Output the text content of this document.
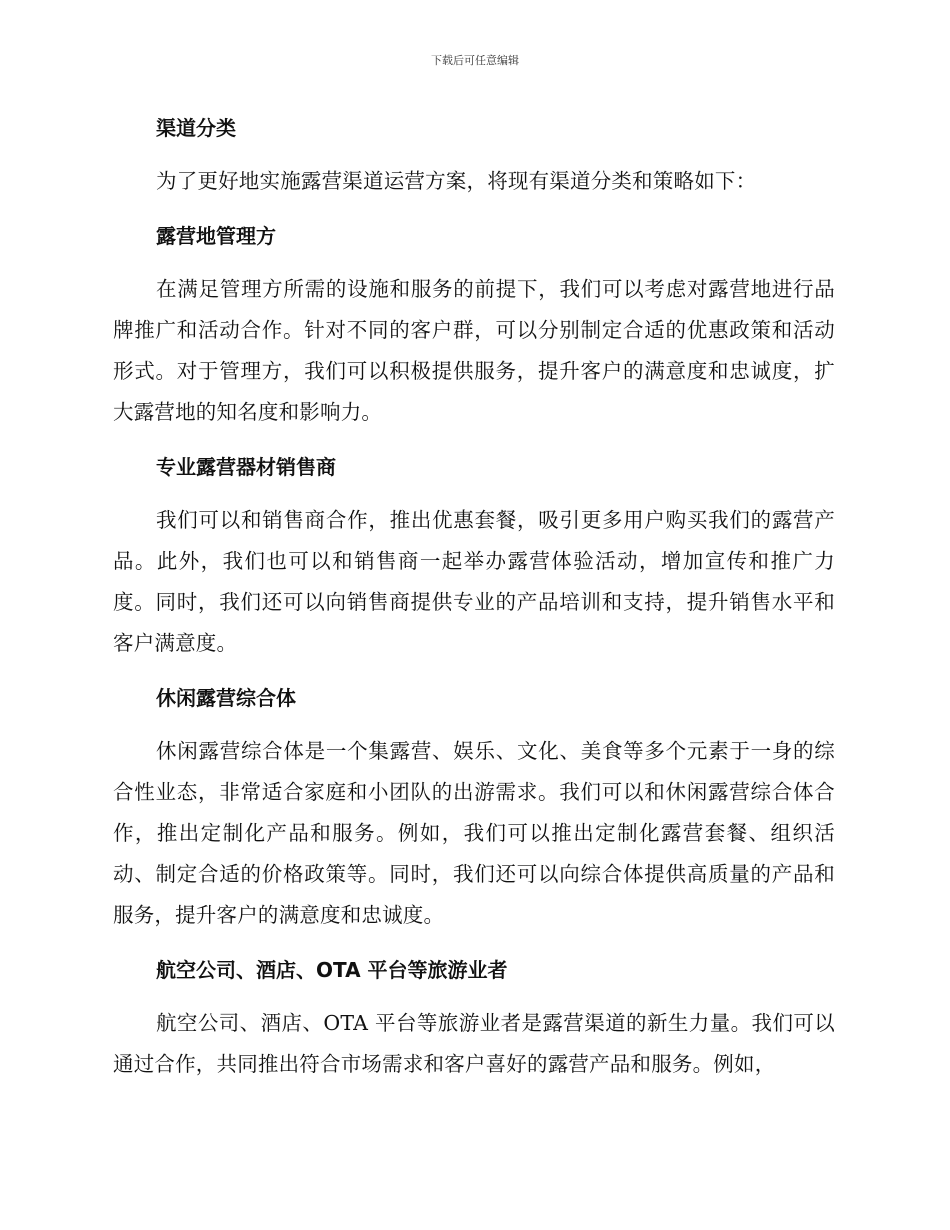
下载后可任意编辑
渠道分类

为了更好地实施露营渠道运营方案，将现有渠道分类和策略如下：

露营地管理方

在满足管理方所需的设施和服务的前提下，我们可以考虑对露营地进行品牌推广和活动合作。针对不同的客户群，可以分别制定合适的优惠政策和活动形式。对于管理方，我们可以积极提供服务，提升客户的满意度和忠诚度，扩大露营地的知名度和影响力。

专业露营器材销售商

我们可以和销售商合作，推出优惠套餐，吸引更多用户购买我们的露营产品。此外，我们也可以和销售商一起举办露营体验活动，增加宣传和推广力度。同时，我们还可以向销售商提供专业的产品培训和支持，提升销售水平和客户满意度。

休闲露营综合体

休闲露营综合体是一个集露营、娱乐、文化、美食等多个元素于一身的综合性业态，非常适合家庭和小团队的出游需求。我们可以和休闲露营综合体合作，推出定制化产品和服务。例如，我们可以推出定制化露营套餐、组织活动、制定合适的价格政策等。同时，我们还可以向综合体提供高质量的产品和服务，提升客户的满意度和忠诚度。

航空公司、酒店、OTA 平台等旅游业者

航空公司、酒店、OTA 平台等旅游业者是露营渠道的新生力量。我们可以通过合作，共同推出符合市场需求和客户喜好的露营产品和服务。例如，
